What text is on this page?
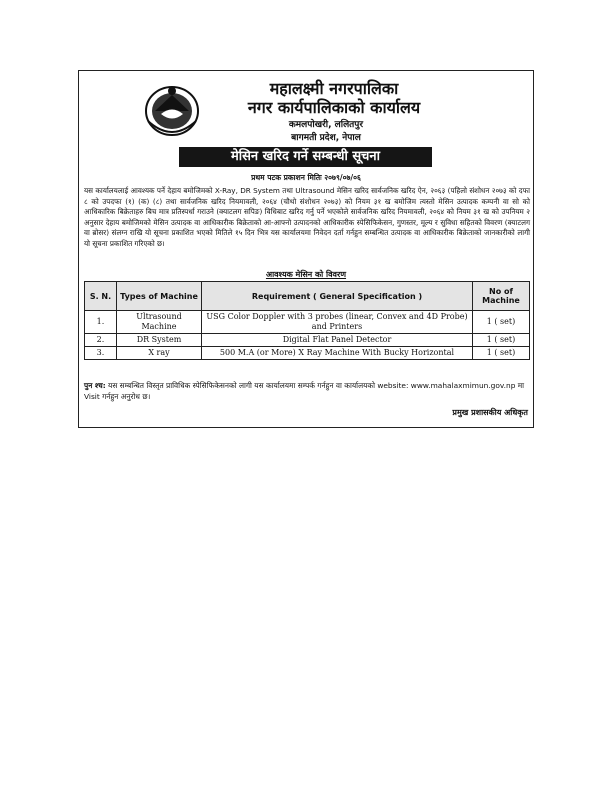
महालक्ष्मी नगरपालिका
नगर कार्यपालिकाको कार्यालय
कमलपोखरी, ललितपुर
बागमती प्रदेश, नेपाल
मेसिन खरिद गर्ने सम्बन्धी सूचना
प्रथम पटक प्रकाशन मितिः २०७९/०७/०६
यस कार्यालयलाई आवश्यक पर्ने देहाय बमोजिमको X-Ray, DR System तथा Ultrasound मेसिन खरिद सार्वजनिक खरिद ऐन, २०६३ (पहिलो संशोधन २०७३ को दफा ८ को उपदफा (१) (क) (८) तथा सार्वजनिक खरिद नियमावली, २०६४ (चौथो संशोधन २०७३) को नियम ३१ ख बमोजिम त्यस्तो मेसिन उत्पादक कम्पनी वा सो को आधिकारिक बिक्रेताहरु बिच मात्र प्रतिस्पर्धा गराउने (क्याटलग सपिङ) विधिबाट खरिद गर्नु पर्ने भएकोले सार्वजनिक खरिद नियमावली, २०६४ को नियम ३१ ख को उपनियम २ अनुसार देहाय बमोजिमको मेसिन उत्पादक वा आधिकारीक बिक्रेताको आ-आफ्नो उत्पादनको आधिकारीक स्पेसिफिकेसन, गुणस्तर, मूल्य र सुविधा सहितको विवरण (क्याटलग वा ब्रोसर) संलग्न राखि यो सूचना प्रकाशित भएको मितिले १५ दिन भित्र यस कार्यालयमा निवेदन दर्ता गर्नहुन सम्बन्धित उत्पादक वा आधिकारीक बिक्रेताको जानकारीको लागी यो सूचना प्रकाशित गरिएको छ।
आवश्यक मेसिन को विवरण
S. N.	Types of Machine	Requirement ( General Specification )	No of Machine
1.	Ultrasound Machine	USG Color Doppler with 3 probes (linear, Convex and 4D Probe) and Printers	1 ( set)
2.	DR System	Digital Flat Panel Detector	1 ( set)
3.	X ray	500 M.A (or More) X Ray Machine With Bucky Horizontal	1 ( set)
पुन श्च: यस सम्बन्धित विस्तृत प्राविधिक स्पेसिफिकेसनको लागी यस कार्यालयमा सम्पर्क गर्नहुन वा कार्यालयको website: www.mahalaxmimun.gov.np मा Visit गर्नहुन अनुरोध छ।
प्रमुख प्रशासकीय अधिकृत
